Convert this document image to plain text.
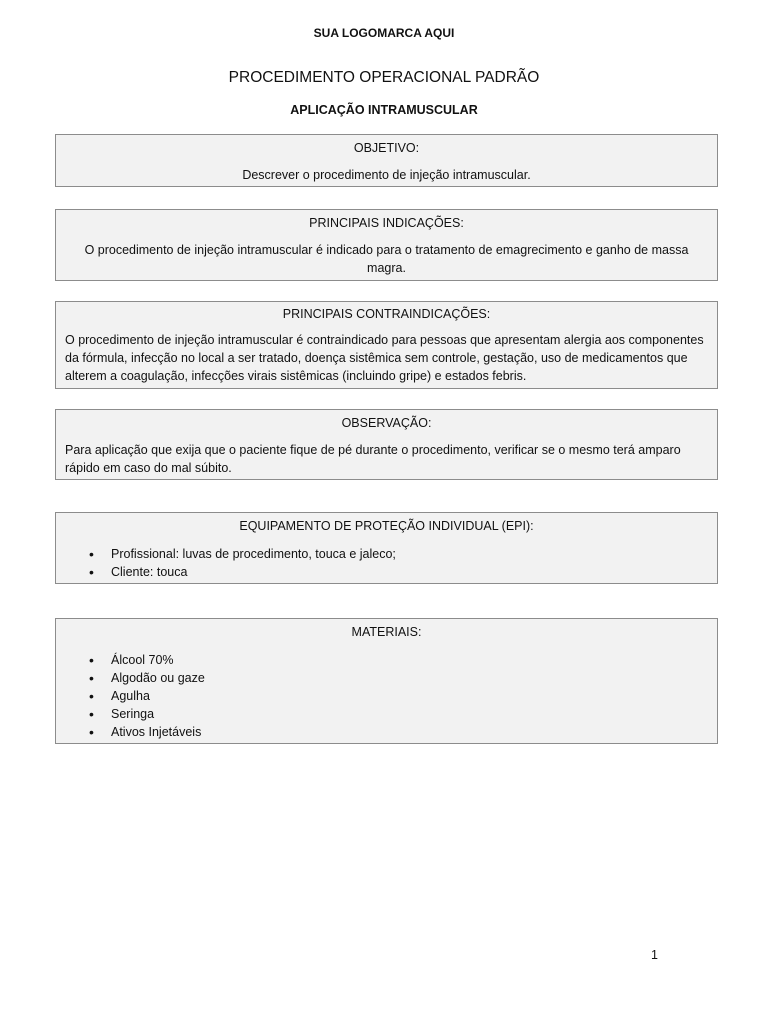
SUA LOGOMARCA AQUI
PROCEDIMENTO OPERACIONAL PADRÃO
APLICAÇÃO INTRAMUSCULAR
OBJETIVO:
Descrever o procedimento de injeção intramuscular.
PRINCIPAIS INDICAÇÕES:
O procedimento de injeção intramuscular é indicado para o tratamento de emagrecimento e ganho de massa magra.
PRINCIPAIS CONTRAINDICAÇÕES:
O procedimento de injeção intramuscular é contraindicado para pessoas que apresentam alergia aos componentes da fórmula, infecção no local a ser tratado, doença sistêmica sem controle, gestação, uso de medicamentos que alterem a coagulação, infecções virais sistêmicas (incluindo gripe) e estados febris.
OBSERVAÇÃO:
Para aplicação que exija que o paciente fique de pé durante o procedimento, verificar se o mesmo terá amparo rápido em caso do mal súbito.
EQUIPAMENTO DE PROTEÇÃO INDIVIDUAL (EPI):
• Profissional: luvas de procedimento, touca e jaleco;
• Cliente: touca
MATERIAIS:
• Álcool 70%
• Algodão ou gaze
• Agulha
• Seringa
• Ativos Injetáveis
1
